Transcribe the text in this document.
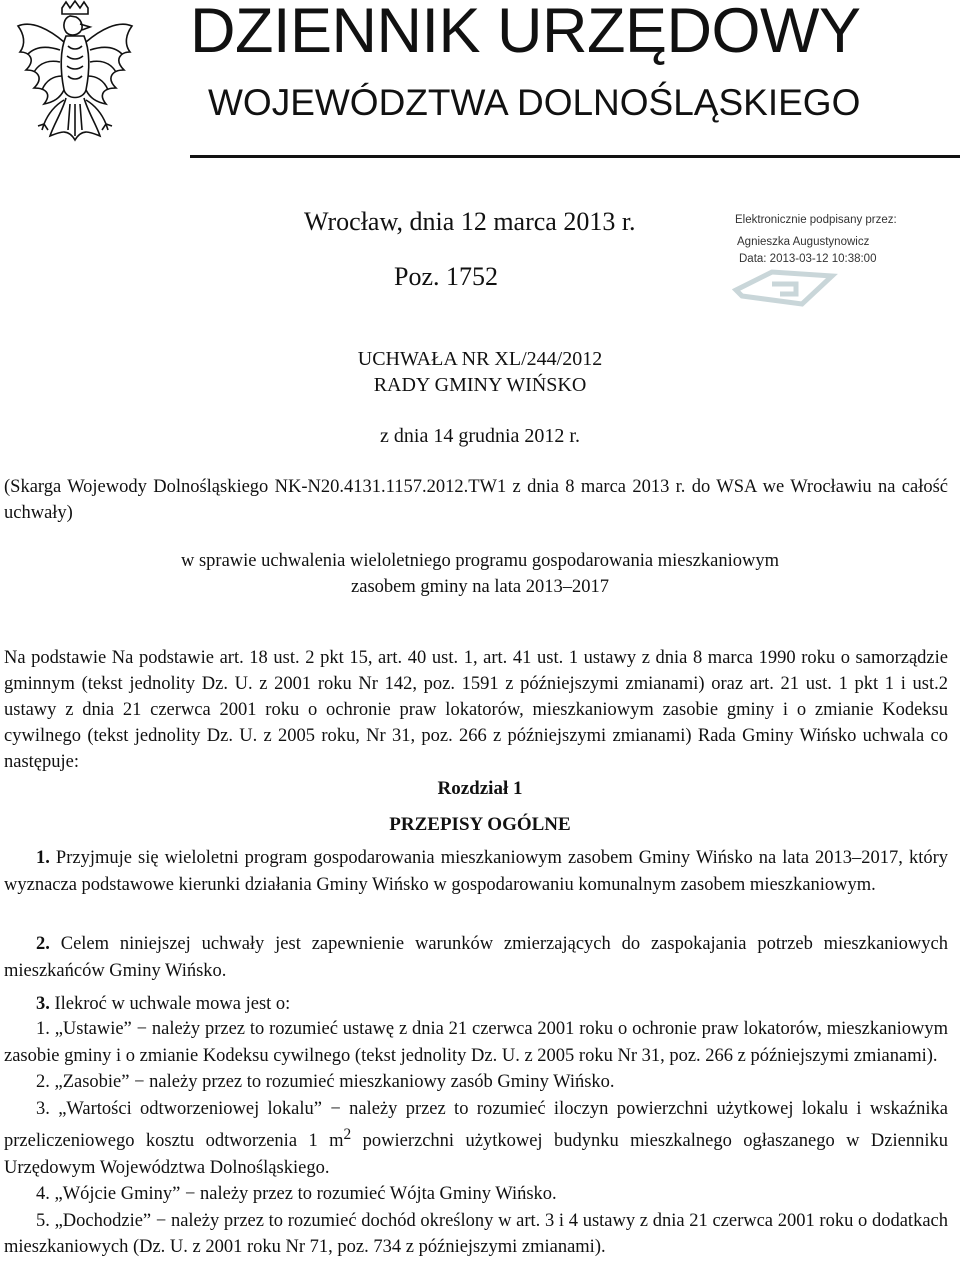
DZIENNIK URZĘDOWY
WOJEWÓDZTWA DOLNOŚLĄSKIEGO
Wrocław, dnia 12 marca 2013 r.
Poz. 1752
Elektronicznie podpisany przez:
Agnieszka Augustynowicz
Data: 2013-03-12 10:38:00
UCHWAŁA NR XL/244/2012
RADY GMINY WIŃSKO
z dnia 14 grudnia 2012 r.
(Skarga Wojewody Dolnośląskiego NK-N20.4131.1157.2012.TW1 z dnia 8 marca 2013 r. do WSA we Wrocławiu na całość uchwały)
w sprawie uchwalenia wieloletniego programu gospodarowania mieszkaniowym
zasobem gminy na lata 2013–2017
Na podstawie Na podstawie art. 18 ust. 2 pkt 15, art. 40 ust. 1, art. 41 ust. 1 ustawy z dnia 8 marca 1990 roku o samorządzie gminnym (tekst jednolity Dz. U. z 2001 roku Nr 142, poz. 1591 z późniejszymi zmianami) oraz art. 21 ust. 1 pkt 1 i ust.2 ustawy z dnia 21 czerwca 2001 roku o ochronie praw lokatorów, mieszkaniowym zasobie gminy i o zmianie Kodeksu cywilnego (tekst jednolity Dz. U. z 2005 roku, Nr 31, poz. 266 z późniejszymi zmianami) Rada Gminy Wińsko uchwala co następuje:
Rozdział 1
PRZEPISY OGÓLNE
1. Przyjmuje się wieloletni program gospodarowania mieszkaniowym zasobem Gminy Wińsko na lata 2013–2017, który wyznacza podstawowe kierunki działania Gminy Wińsko w gospodarowaniu komunalnym zasobem mieszkaniowym.
2. Celem niniejszej uchwały jest zapewnienie warunków zmierzających do zaspokajania potrzeb mieszkaniowych mieszkańców Gminy Wińsko.
3. Ilekroć w uchwale mowa jest o:
1. „Ustawie” − należy przez to rozumieć ustawę z dnia 21 czerwca 2001 roku o ochronie praw lokatorów, mieszkaniowym zasobie gminy i o zmianie Kodeksu cywilnego (tekst jednolity Dz. U. z 2005 roku Nr 31, poz. 266 z późniejszymi zmianami).
2. „Zasobie” − należy przez to rozumieć mieszkaniowy zasób Gminy Wińsko.
3. „Wartości odtworzeniowej lokalu” − należy przez to rozumieć iloczyn powierzchni użytkowej lokalu i wskaźnika przeliczeniowego kosztu odtworzenia 1 $m^2$ powierzchni użytkowej budynku mieszkalnego ogłaszanego w Dzienniku Urzędowym Województwa Dolnośląskiego.
4. „Wójcie Gminy” − należy przez to rozumieć Wójta Gminy Wińsko.
5. „Dochodzie” − należy przez to rozumieć dochód określony w art. 3 i 4 ustawy z dnia 21 czerwca 2001 roku o dodatkach mieszkaniowych (Dz. U. z 2001 roku Nr 71, poz. 734 z późniejszymi zmianami).
